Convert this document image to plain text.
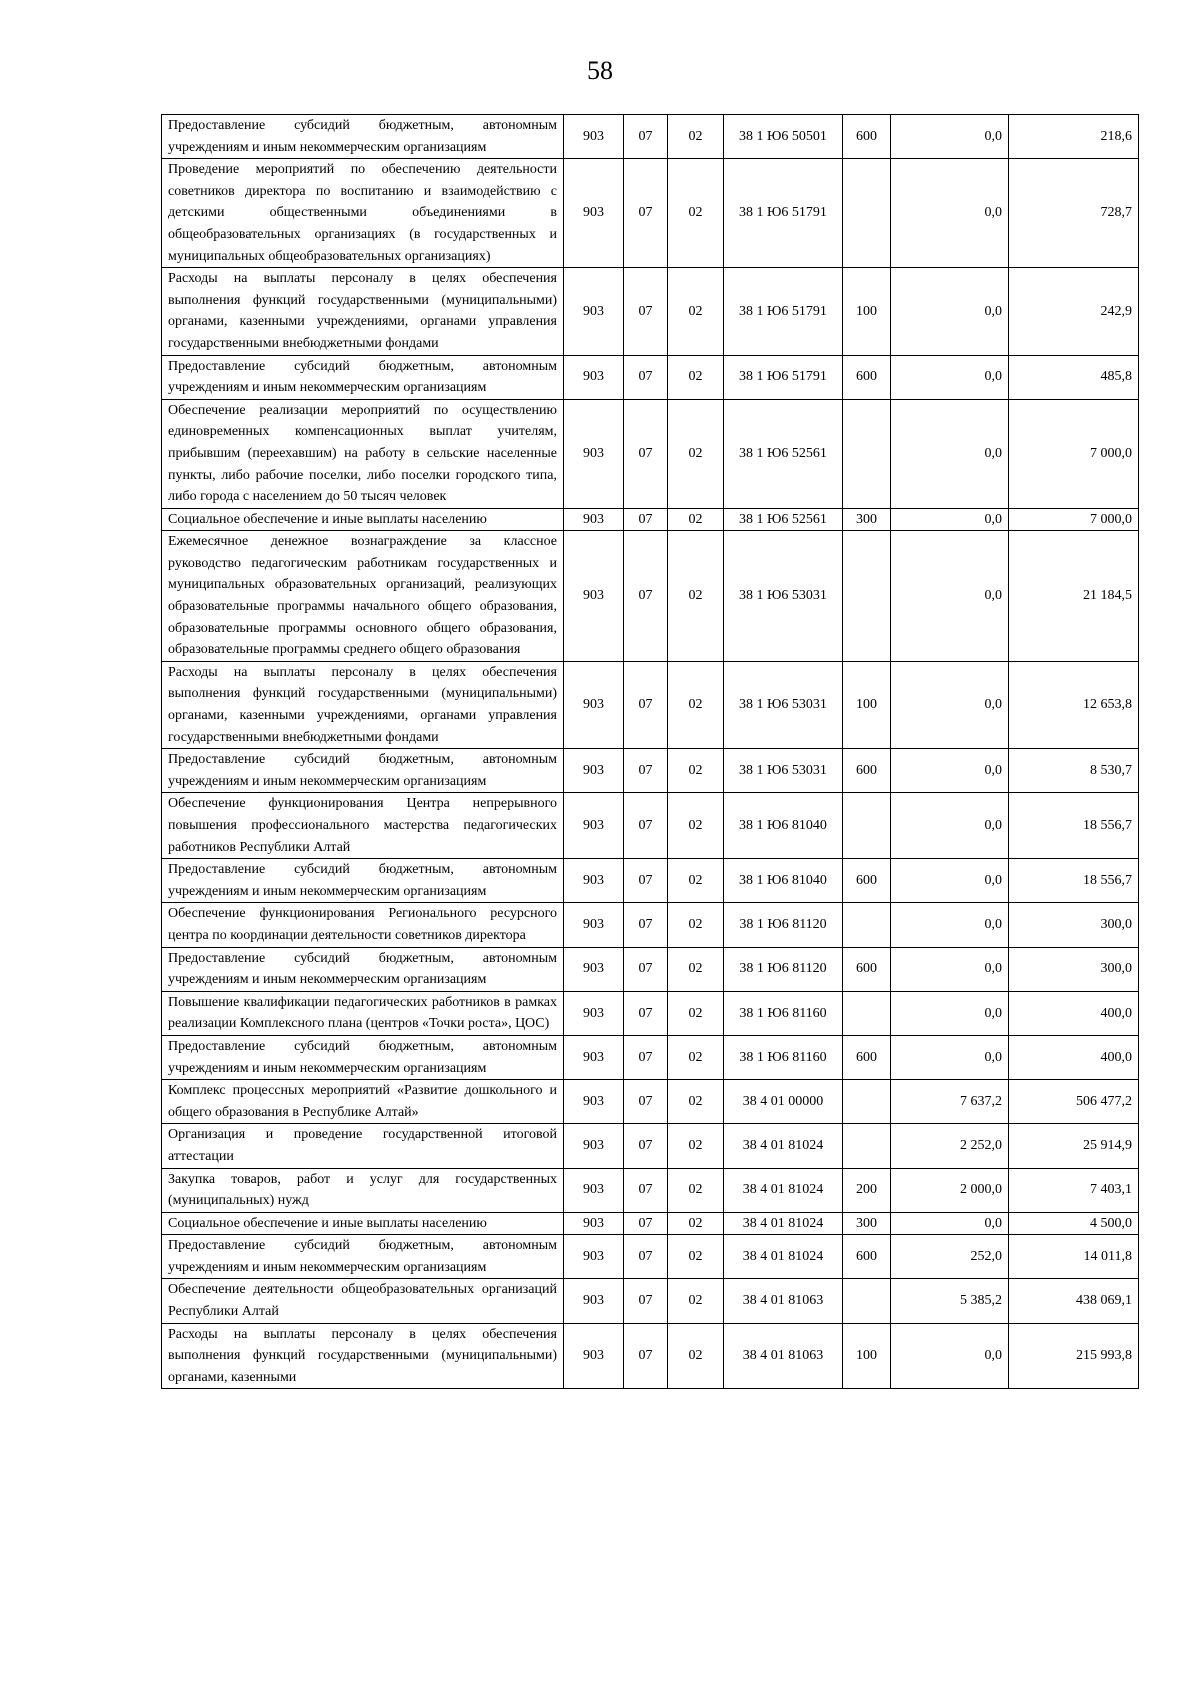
58
Предоставление субсидий бюджетным, автономным учреждениям и иным некоммерческим организациям	903	07	02	38 1 Ю6 50501	600	0,0	218,6
Проведение мероприятий по обеспечению деятельности советников директора по воспитанию и взаимодействию с детскими общественными объединениями в общеобразовательных организациях (в государственных и муниципальных общеобразовательных организациях)	903	07	02	38 1 Ю6 51791		0,0	728,7
Расходы на выплаты персоналу в целях обеспечения выполнения функций государственными (муниципальными) органами, казенными учреждениями, органами управления государственными внебюджетными фондами	903	07	02	38 1 Ю6 51791	100	0,0	242,9
Предоставление субсидий бюджетным, автономным учреждениям и иным некоммерческим организациям	903	07	02	38 1 Ю6 51791	600	0,0	485,8
Обеспечение реализации мероприятий по осуществлению единовременных компенсационных выплат учителям, прибывшим (переехавшим) на работу в сельские населенные пункты, либо рабочие поселки, либо поселки городского типа, либо города с населением до 50 тысяч человек	903	07	02	38 1 Ю6 52561		0,0	7 000,0
Социальное обеспечение и иные выплаты населению	903	07	02	38 1 Ю6 52561	300	0,0	7 000,0
Ежемесячное денежное вознаграждение за классное руководство педагогическим работникам государственных и муниципальных образовательных организаций, реализующих образовательные программы начального общего образования, образовательные программы основного общего образования, образовательные программы среднего общего образования	903	07	02	38 1 Ю6 53031		0,0	21 184,5
Расходы на выплаты персоналу в целях обеспечения выполнения функций государственными (муниципальными) органами, казенными учреждениями, органами управления государственными внебюджетными фондами	903	07	02	38 1 Ю6 53031	100	0,0	12 653,8
Предоставление субсидий бюджетным, автономным учреждениям и иным некоммерческим организациям	903	07	02	38 1 Ю6 53031	600	0,0	8 530,7
Обеспечение функционирования Центра непрерывного повышения профессионального мастерства педагогических работников Республики Алтай	903	07	02	38 1 Ю6 81040		0,0	18 556,7
Предоставление субсидий бюджетным, автономным учреждениям и иным некоммерческим организациям	903	07	02	38 1 Ю6 81040	600	0,0	18 556,7
Обеспечение функционирования Регионального ресурсного центра по координации деятельности советников директора	903	07	02	38 1 Ю6 81120		0,0	300,0
Предоставление субсидий бюджетным, автономным учреждениям и иным некоммерческим организациям	903	07	02	38 1 Ю6 81120	600	0,0	300,0
Повышение квалификации педагогических работников в рамках реализации Комплексного плана (центров «Точки роста», ЦОС)	903	07	02	38 1 Ю6 81160		0,0	400,0
Предоставление субсидий бюджетным, автономным учреждениям и иным некоммерческим организациям	903	07	02	38 1 Ю6 81160	600	0,0	400,0
Комплекс процессных мероприятий «Развитие дошкольного и общего образования в Республике Алтай»	903	07	02	38 4 01 00000		7 637,2	506 477,2
Организация и проведение государственной итоговой аттестации	903	07	02	38 4 01 81024		2 252,0	25 914,9
Закупка товаров, работ и услуг для государственных (муниципальных) нужд	903	07	02	38 4 01 81024	200	2 000,0	7 403,1
Социальное обеспечение и иные выплаты населению	903	07	02	38 4 01 81024	300	0,0	4 500,0
Предоставление субсидий бюджетным, автономным учреждениям и иным некоммерческим организациям	903	07	02	38 4 01 81024	600	252,0	14 011,8
Обеспечение деятельности общеобразовательных организаций Республики Алтай	903	07	02	38 4 01 81063		5 385,2	438 069,1
Расходы на выплаты персоналу в целях обеспечения выполнения функций государственными (муниципальными) органами, казенными	903	07	02	38 4 01 81063	100	0,0	215 993,8
